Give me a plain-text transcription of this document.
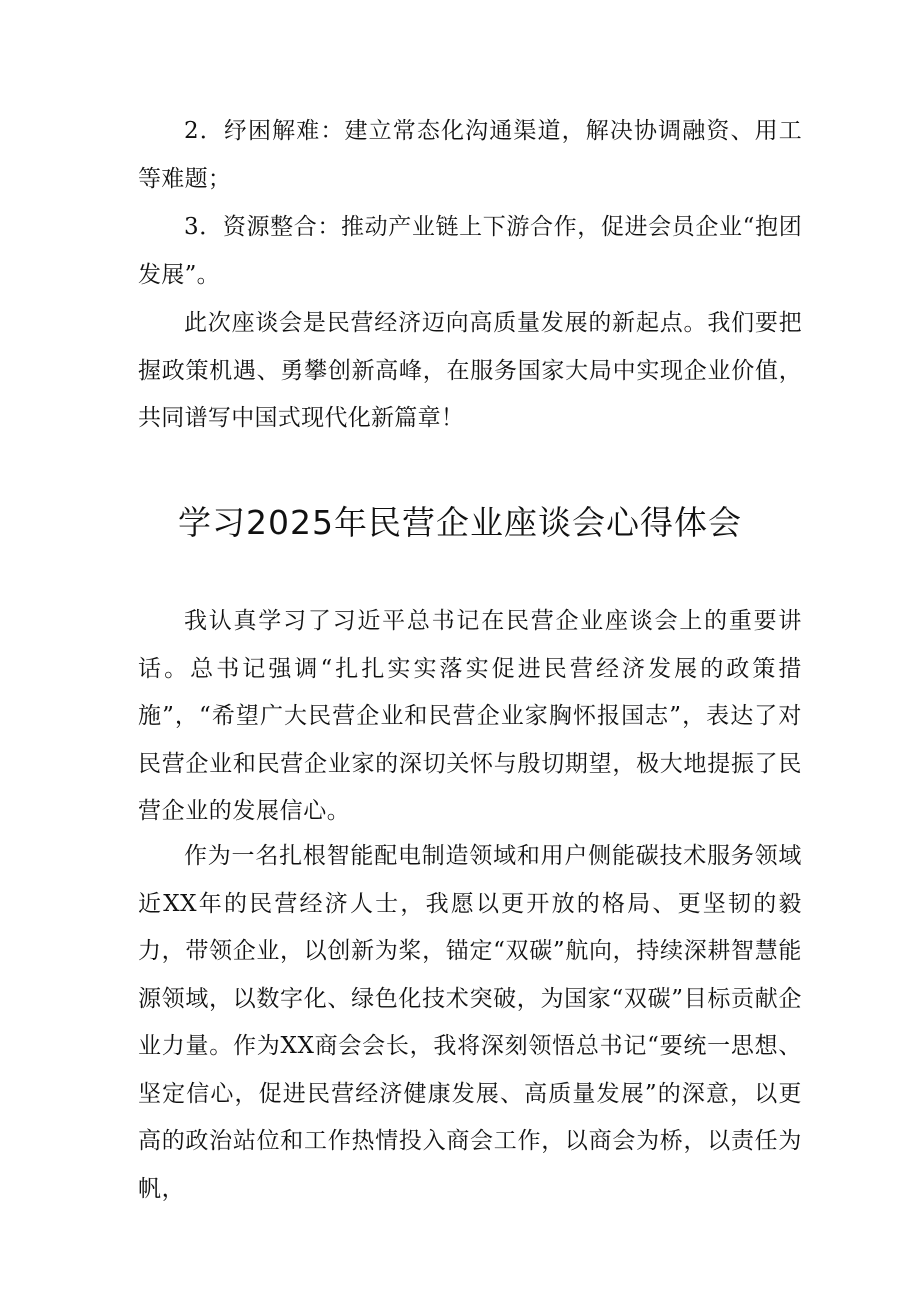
2．纾困解难：建立常态化沟通渠道，解决协调融资、用工等难题；

3．资源整合：推动产业链上下游合作，促进会员企业“抱团发展”。

此次座谈会是民营经济迈向高质量发展的新起点。我们要把握政策机遇、勇攀创新高峰，在服务国家大局中实现企业价值，共同谱写中国式现代化新篇章！

学习2025年民营企业座谈会心得体会

我认真学习了习近平总书记在民营企业座谈会上的重要讲话。总书记强调“扎扎实实落实促进民营经济发展的政策措施”，“希望广大民营企业和民营企业家胸怀报国志”，表达了对民营企业和民营企业家的深切关怀与殷切期望，极大地提振了民营企业的发展信心。

作为一名扎根智能配电制造领域和用户侧能碳技术服务领域近XX年的民营经济人士，我愿以更开放的格局、更坚韧的毅力，带领企业，以创新为桨，锚定“双碳”航向，持续深耕智慧能源领域，以数字化、绿色化技术突破，为国家“双碳”目标贡献企业力量。作为XX商会会长，我将深刻领悟总书记“要统一思想、坚定信心，促进民营经济健康发展、高质量发展”的深意，以更高的政治站位和工作热情投入商会工作，以商会为桥，以责任为帆，
